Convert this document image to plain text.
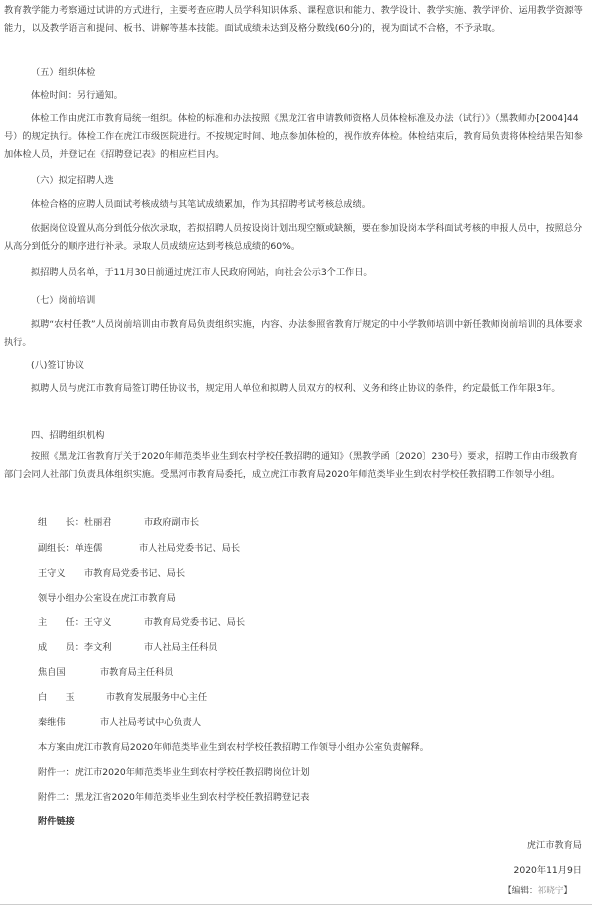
教育教学能力考察通过试讲的方式进行，主要考查应聘人员学科知识体系、课程意识和能力、教学设计、教学实施、教学评价、运用教学资源等能力，以及教学语言和提问、板书、讲解等基本技能。面试成绩未达到及格分数线(60分)的，视为面试不合格，不予录取。
（五）组织体检
体检时间：另行通知。
体检工作由虎江市教育局统一组织。体检的标准和办法按照《黑龙江省申请教师资格人员体检标准及办法（试行）》（黑教师办[2004]44号）的规定执行。体检工作在虎江市级医院进行。不按规定时间、地点参加体检的，视作放弃体检。体检结束后，教育局负责将体检结果告知参加体检人员，并登记在《招聘登记表》的相应栏目内。
（六）拟定招聘人选
体检合格的应聘人员面试考核成绩与其笔试成绩累加，作为其招聘考试考核总成绩。
依据岗位设置从高分到低分依次录取，若拟招聘人员按设岗计划出现空额或缺额，要在参加设岗本学科面试考核的申报人员中，按照总分从高分到低分的顺序进行补录。录取人员成绩应达到考核总成绩的60%。
拟招聘人员名单，于11月30日前通过虎江市人民政府网站，向社会公示3个工作日。
（七）岗前培训
拟聘“农村任教”人员岗前培训由市教育局负责组织实施，内容、办法参照省教育厅规定的中小学教师培训中新任教师岗前培训的具体要求执行。
(八)签订协议
拟聘人员与虎江市教育局签订聘任协议书，规定用人单位和拟聘人员双方的权利、义务和终止协议的条件，约定最低工作年限3年。
四、招聘组织机构
按照《黑龙江省教育厅关于2020年师范类毕业生到农村学校任教招聘的通知》（黑教学函〔2020〕230号）要求，招聘工作由市级教育部门会同人社部门负责具体组织实施。受黑河市教育局委托，成立虎江市教育局2020年师范类毕业生到农村学校任教招聘工作领导小组。
组　　长：杜丽君	市政府副市长
副组长：单连儒	市人社局党委书记、局长
王守义 市教育局党委书记、局长
领导小组办公室设在虎江市教育局
主　　任：王守义	市教育局党委书记、局长
成　　员：李文利	市人社局主任科员
焦自国	市教育局主任科员
白　　玉	市教育发展服务中心主任
秦维伟	市人社局考试中心负责人
本方案由虎江市教育局2020年师范类毕业生到农村学校任教招聘工作领导小组办公室负责解释。
附件一：虎江市2020年师范类毕业生到农村学校任教招聘岗位计划
附件二：黑龙江省2020年师范类毕业生到农村学校任教招聘登记表
附件链接
虎江市教育局
2020年11月9日
【编辑：祁晓宁】
